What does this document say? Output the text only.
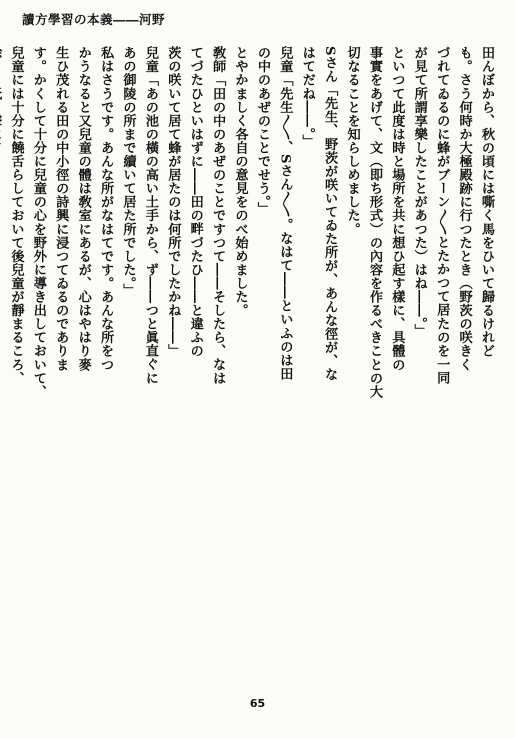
讀方學習の本義――河野

田んぼから、秋の頃には嘶く馬をひいて歸るけれど

も。さう何時か大極殿跡に行つたとき（野茨の咲きく

づれてゐるのに蜂がブーン〳〵とたかつて居たのを一同

が見て所謂享樂したことがあつた）はね――。」

といつて此度は時と場所を共に想ひ起す樣に、具體の

事實をあげて、文（即ち形式）の內容を作るべきことの大

切なることを知らしめました。

Sさん「先生、野茨が咲いてゐた所が、あんな徑が、な

はてだね――。」

兒童「先生〳〵、Sさん〳〵。なはて――といふのは田

の中のあぜのことでせう。」

とやかましく各自の意見をのべ始めました。

敎師「田の中のあぜのことですつて――そしたら、なは

てづたひといはずに――田の畔づたひ――と違ふの

茨の咲いて居て蜂が居たのは何所でしたかね――」

兒童「あの池の橫の高い土手から、ず――つと眞直ぐに

あの御陵の所まで續いて居た所でした。」

私はさうです。あんな所がなはてです。あんな所をつ

かうなると又兒童の體は敎室にあるが、心はやはり麥

生ひ茂れる田の中小徑の詩興に浸つてゐるのでありま

す。かくして十分に兒童の心を野外に導き出しておいて、

兒童には十分に饒舌らしておいて後兒童が靜まるころ、

65
